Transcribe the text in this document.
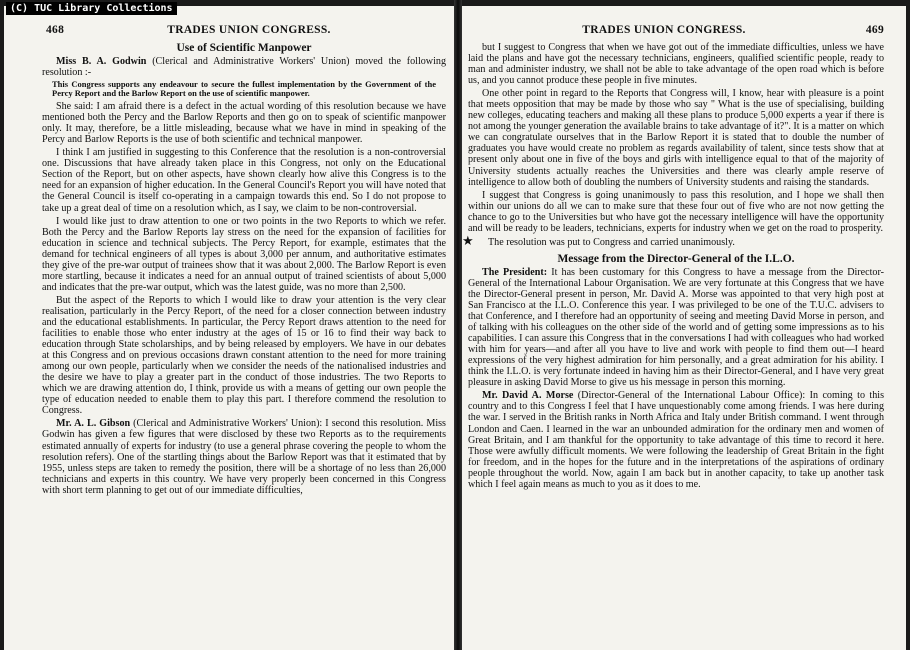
(C) TUC Library Collections
468	TRADES UNION CONGRESS.
Use of Scientific Manpower

Miss B. A. Godwin (Clerical and Administrative Workers' Union) moved the following resolution :-

This Congress supports any endeavour to secure the fullest implementation by the Government of the Percy Report and the Barlow Report on the use of scientific manpower.

She said: I am afraid there is a defect in the actual wording of this resolution because we have mentioned both the Percy and the Barlow Reports and then go on to speak of scientific manpower only. It may, therefore, be a little misleading, because what we have in mind in speaking of the Percy and Barlow Reports is the use of both scientific and technical manpower.

I think I am justified in suggesting to this Conference that the resolution is a non-controversial one. Discussions that have already taken place in this Congress, not only on the Educational Section of the Report, but on other aspects, have shown clearly how alive this Congress is to the need for an expansion of higher education. In the General Council's Report you will have noted that the General Council is itself co-operating in a campaign towards this end. So I do not propose to take up a great deal of time on a resolution which, as I say, we claim to be non-controversial.

I would like just to draw attention to one or two points in the two Reports to which we refer. Both the Percy and the Barlow Reports lay stress on the need for the expansion of facilities for education in science and technical subjects. The Percy Report, for example, estimates that the demand for technical engineers of all types is about 3,000 per annum, and authoritative estimates they give of the pre-war output of trainees show that it was about 2,000. The Barlow Report is even more startling, because it indicates a need for an annual output of trained scientists of about 5,000 and indicates that the pre-war output, which was the latest guide, was no more than 2,500.

But the aspect of the Reports to which I would like to draw your attention is the very clear realisation, particularly in the Percy Report, of the need for a closer connection between industry and the educational establishments. In particular, the Percy Report draws attention to the need for facilities to enable those who enter industry at the ages of 15 or 16 to find their way back to education through State scholarships, and by being released by employers. We have in our debates at this Congress and on previous occasions drawn constant attention to the need for more training among our own people, particularly when we consider the needs of the nationalised industries and the desire we have to play a greater part in the conduct of those industries. The two Reports to which we are drawing attention do, I think, provide us with a means of getting our own people the type of education needed to enable them to play this part. I therefore commend the resolution to Congress.

Mr. A. L. Gibson (Clerical and Administrative Workers' Union): I second this resolution. Miss Godwin has given a few figures that were disclosed by these two Reports as to the requirements estimated annually of experts for industry (to use a general phrase covering the people to whom the resolution refers). One of the startling things about the Barlow Report was that it estimated that by 1955, unless steps are taken to remedy the position, there will be a shortage of no less than 26,000 technicians and experts in this country. We have very properly been concerned in this Congress with short term planning to get out of our immediate difficulties,

TRADES UNION CONGRESS.	469

but I suggest to Congress that when we have got out of the immediate difficulties, unless we have laid the plans and have got the necessary technicians, engineers, qualified scientific people, ready to man and administer industry, we shall not be able to take advantage of the open road which is before us, and you cannot produce these people in five minutes.

One other point in regard to the Reports that Congress will, I know, hear with pleasure is a point that meets opposition that may be made by those who say " What is the use of specialising, building new colleges, educating teachers and making all these plans to produce 5,000 experts a year if there is not among the younger generation the available brains to take advantage of it?". It is a matter on which we can congratulate ourselves that in the Barlow Report it is stated that to double the number of graduates you have would create no problem as regards availability of talent, since tests show that at present only about one in five of the boys and girls with intelligence equal to that of the majority of University students actually reaches the Universities and there was clearly ample reserve of intelligence to allow both of doubling the numbers of University students and raising the standards.

I suggest that Congress is going unanimously to pass this resolution, and I hope we shall then within our unions do all we can to make sure that these four out of five who are not now getting the chance to go to the Universities but who have got the necessary intelligence will have the opportunity and will be ready to be leaders, technicians, experts for industry when we get on the road to prosperity.

★ The resolution was put to Congress and carried unanimously.

Message from the Director-General of the I.L.O.

The President: It has been customary for this Congress to have a message from the Director-General of the International Labour Organisation. We are very fortunate at this Congress that we have the Director-General present in person, Mr. David A. Morse was appointed to that very high post at San Francisco at the I.L.O. Conference this year. I was privileged to be one of the T.U.C. advisers to that Conference, and I therefore had an opportunity of seeing and meeting David Morse in person, and of talking with his colleagues on the other side of the world and of getting some impressions as to his capabilities. I can assure this Congress that in the conversations I had with colleagues who had worked with him for years—and after all you have to live and work with people to find them out—I heard expressions of the very highest admiration for him personally, and a great admiration for his ability. I think the I.L.O. is very fortunate indeed in having him as their Director-General, and I have very great pleasure in asking David Morse to give us his message in person this morning.

Mr. David A. Morse (Director-General of the International Labour Office): In coming to this country and to this Congress I feel that I have unquestionably come among friends. I was here during the war. I served in the British ranks in North Africa and Italy under British command. I went through London and Caen. I learned in the war an unbounded admiration for the ordinary men and women of Great Britain, and I am thankful for the opportunity to take advantage of this time to record it here. Those were awfully difficult moments. We were following the leadership of Great Britain in the fight for freedom, and in the hopes for the future and in the interpretations of the aspirations of ordinary people throughout the world. Now, again I am back but in another capacity, to take up another task which I feel again means as much to you as it does to me.
